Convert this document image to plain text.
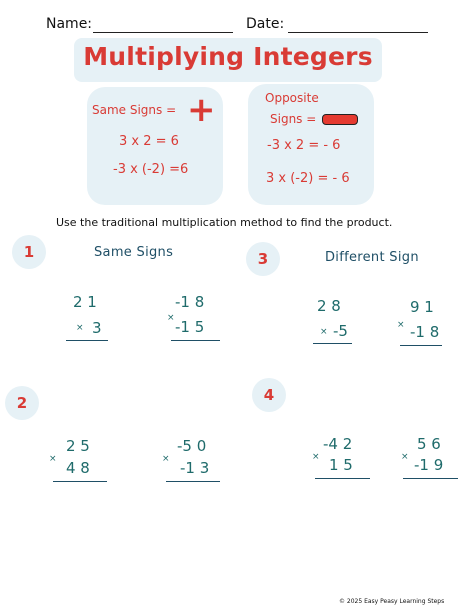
Name:	Date:
Multiplying Integers
Same Signs = +
3 x 2 = 6
-3 x (-2) =6
Opposite
Signs =
-3 x 2 = - 6
3 x (-2) = - 6
Use the traditional multiplication method to find the product.
1	Same Signs	3	Different Sign
2	4
2 1
× 3
-1 8
× -1 5
2 8
× -5
9 1
× -1 8
2 5
× 4 8
-5 0
× -1 3
-4 2
× 1 5
5 6
× -1 9
© 2025 Easy Peasy Learning Steps
